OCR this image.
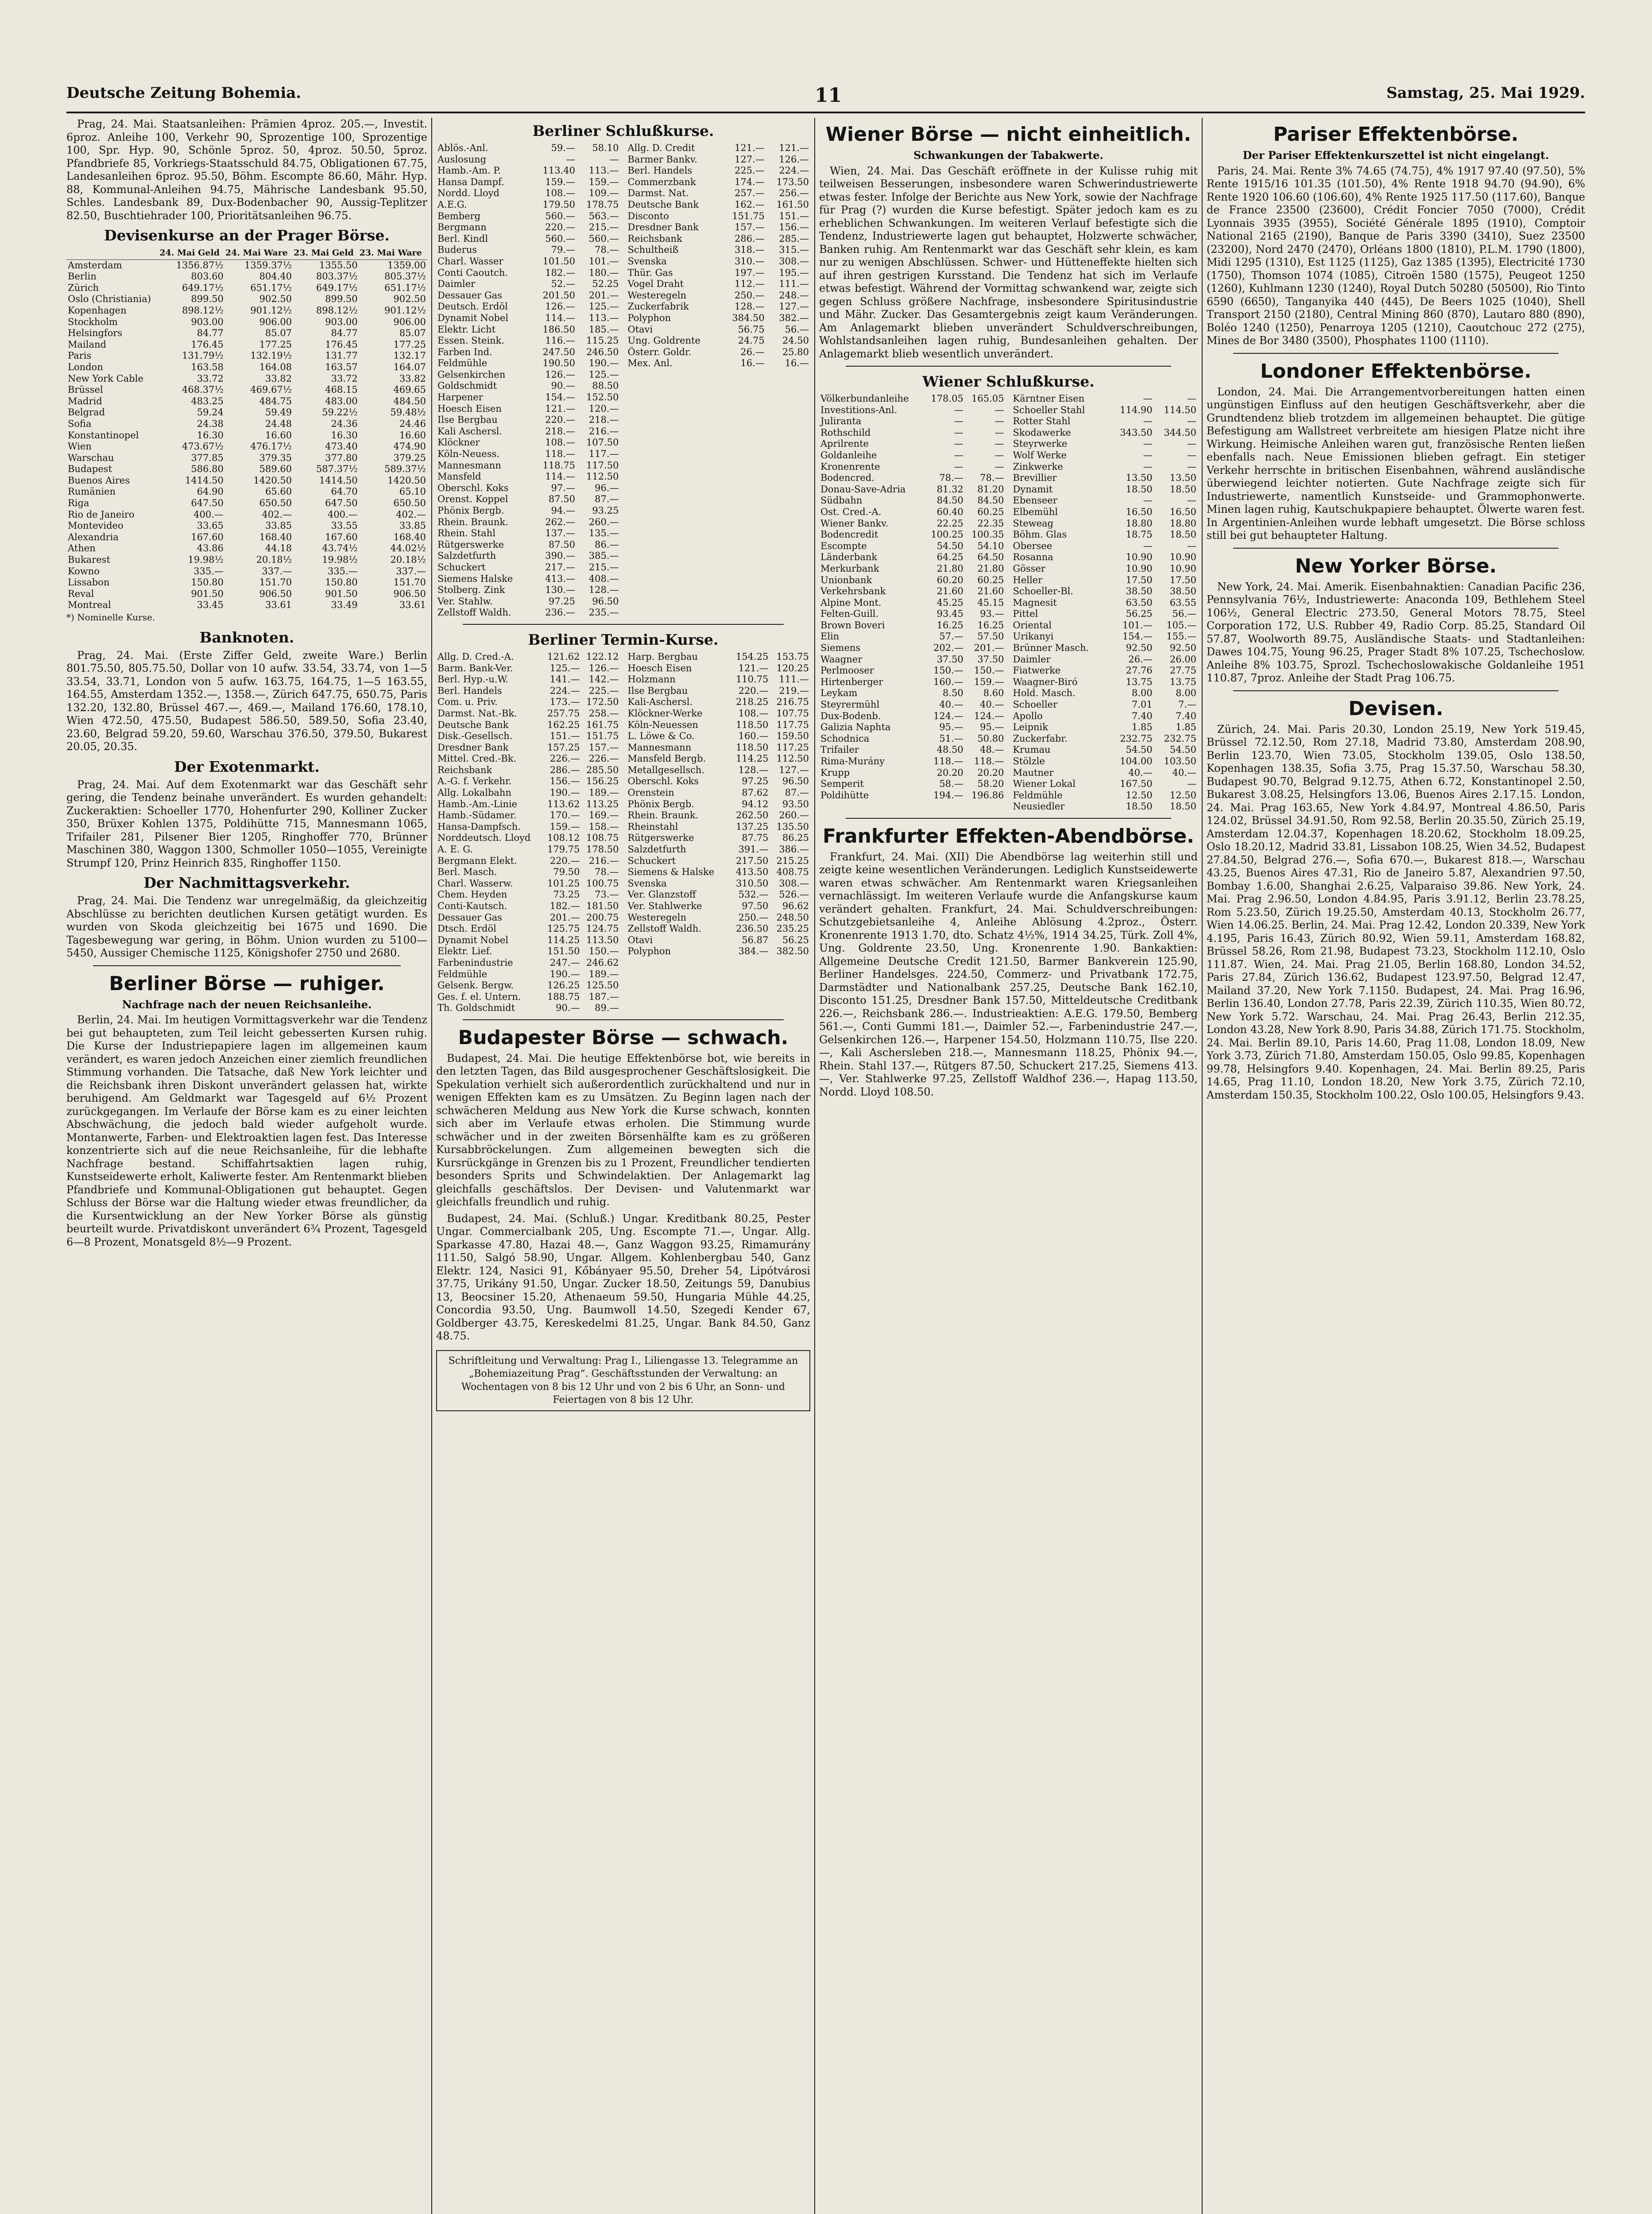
Deutsche Zeitung Bohemia.	11	Samstag, 25. Mai 1929.

Prag, 24. Mai. Staatsanleihen: Prämien 4proz. 205.—, Investit. 6proz. Anleihe 100, Verkehr 90, Sprozentige 100, Sprozentige 100, Spr. Hyp. 90, Schönle 5proz. 50, 4proz. 50.50, 5proz. Pfandbriefe 85, Vorkriegs-Staatsschuld 84.75, Obligationen 67.75, Landesanleihen 6proz. 95.50, Böhm. Escompte 86.60, Mähr. Hyp. 88, Kommunal-Anleihen 94.75, Mährische Landesbank 95.50, Schles. Landesbank 89, Dux-Bodenbacher 90, Aussig-Teplitzer 82.50, Buschtiehrader 100, Prioritätsanleihen 96.75.

Devisenkurse an der Prager Börse.
	24. Mai Geld	24. Mai Ware	23. Mai Geld	23. Mai Ware
Amsterdam	1356.87½	1359.37½	1355.50	1359.00
Berlin	803.60	804.40	803.37½	805.37½
Zürich	649.17½	651.17½	649.17½	651.17½
Oslo (Christiania)	899.50	902.50	899.50	902.50
Kopenhagen	898.12½	901.12½	898.12½	901.12½
Stockholm	903.00	906.00	903.00	906.00
Helsingfors	84.77	85.07	84.77	85.07
Mailand	176.45	177.25	176.45	177.25
Paris	131.79½	132.19½	131.77	132.17
London	163.58	164.08	163.57	164.07
New York Cable	33.72	33.82	33.72	33.82
Brüssel	468.37½	469.67½	468.15	469.65
Madrid	483.25	484.75	483.00	484.50
Belgrad	59.24	59.49	59.22½	59.48½
Sofia	24.38	24.48	24.36	24.46
Konstantinopel	16.30	16.60	16.30	16.60
Wien	473.67½	476.17½	473.40	474.90
Warschau	377.85	379.35	377.80	379.25
Budapest	586.80	589.60	587.37½	589.37½
Buenos Aires	1414.50	1420.50	1414.50	1420.50
Rumänien	64.90	65.60	64.70	65.10
Riga	647.50	650.50	647.50	650.50
Rio de Janeiro	400.—	402.—	400.—	402.—
Montevideo	33.65	33.85	33.55	33.85
Alexandria	167.60	168.40	167.60	168.40
Athen	43.86	44.18	43.74½	44.02½
Bukarest	19.98½	20.18½	19.98½	20.18½
Kowno	335.—	337.—	335.—	337.—
Lissabon	150.80	151.70	150.80	151.70
Reval	901.50	906.50	901.50	906.50
Montreal	33.45	33.61	33.49	33.61
*) Nominelle Kurse.
Banknoten.

Prag, 24. Mai. (Erste Ziffer Geld, zweite Ware.) Berlin 801.75.50, 805.75.50, Dollar von 10 aufw. 33.54, 33.74, von 1—5 33.54, 33.71, London von 5 aufw. 163.75, 164.75, 1—5 163.55, 164.55, Amsterdam 1352.—, 1358.—, Zürich 647.75, 650.75, Paris 132.20, 132.80, Brüssel 467.—, 469.—, Mailand 176.60, 178.10, Wien 472.50, 475.50, Budapest 586.50, 589.50, Sofia 23.40, 23.60, Belgrad 59.20, 59.60, Warschau 376.50, 379.50, Bukarest 20.05, 20.35.

Der Exotenmarkt.

Prag, 24. Mai. Auf dem Exotenmarkt war das Geschäft sehr gering, die Tendenz beinahe unverändert. Es wurden gehandelt: Zuckeraktien: Schoeller 1770, Hohenfurter 290, Kolliner Zucker 350, Brüxer Kohlen 1375, Poldihütte 715, Mannesmann 1065, Trifailer 281, Pilsener Bier 1205, Ringhoffer 770, Brünner Maschinen 380, Waggon 1300, Schmoller 1050—1055, Vereinigte Strumpf 120, Prinz Heinrich 835, Ringhoffer 1150.

Der Nachmittagsverkehr.

Prag, 24. Mai. Die Tendenz war unregelmäßig, da gleichzeitig Abschlüsse zu berichten deutlichen Kursen getätigt wurden. Es wurden von Skoda gleichzeitig bei 1675 und 1690. Die Tagesbewegung war gering, in Böhm. Union wurden zu 5100—5450, Aussiger Chemische 1125, Königshofer 2750 und 2680.

Berliner Börse — ruhiger.
Nachfrage nach der neuen Reichsanleihe.

Berlin, 24. Mai. Im heutigen Vormittagsverkehr war die Tendenz bei gut behaupteten, zum Teil leicht gebesserten Kursen ruhig. Die Kurse der Industriepapiere lagen im allgemeinen kaum verändert, es waren jedoch Anzeichen einer ziemlich freundlichen Stimmung vorhanden. Die Tatsache, daß New York leichter und die Reichsbank ihren Diskont unverändert gelassen hat, wirkte beruhigend. Am Geldmarkt war Tagesgeld auf 6½ Prozent zurückgegangen. Im Verlaufe der Börse kam es zu einer leichten Abschwächung, die jedoch bald wieder aufgeholt wurde. Montanwerte, Farben- und Elektroaktien lagen fest. Das Interesse konzentrierte sich auf die neue Reichsanleihe, für die lebhafte Nachfrage bestand. Schiffahrtsaktien lagen ruhig, Kunstseidewerte erholt, Kaliwerte fester. Am Rentenmarkt blieben Pfandbriefe und Kommunal-Obligationen gut behauptet. Gegen Schluss der Börse war die Haltung wieder etwas freundlicher, da die Kursentwicklung an der New Yorker Börse als günstig beurteilt wurde. Privatdiskont unverändert 6¾ Prozent, Tagesgeld 6—8 Prozent, Monatsgeld 8½—9 Prozent.

Berliner Schlußkurse.
Ablös.-Anl.	59.—	58.10
Auslosung	—	—
Hamb.-Am. P.	113.40	113.—
Hansa Dampf.	159.—	159.—
Nordd. Lloyd	108.—	109.—
A.E.G.	179.50	178.75
Bemberg	560.—	563.—
Bergmann	220.—	215.—
Berl. Kindl	560.—	560.—
Buderus	79.—	78.—
Charl. Wasser	101.50	101.—
Conti Caoutch.	182.—	180.—
Daimler	52.—	52.25
Dessauer Gas	201.50	201.—
Deutsch. Erdöl	126.—	125.—
Dynamit Nobel	114.—	113.—
Elektr. Licht	186.50	185.—
Essen. Steink.	116.—	115.25
Farben Ind.	247.50	246.50
Feldmühle	190.50	190.—
Gelsenkirchen	126.—	125.—
Goldschmidt	90.—	88.50
Harpener	154.—	152.50
Hoesch Eisen	121.—	120.—
Ilse Bergbau	220.—	218.—
Kali Aschersl.	218.—	216.—
Klöckner	108.—	107.50
Köln-Neuess.	118.—	117.—
Mannesmann	118.75	117.50
Mansfeld	114.—	112.50
Oberschl. Koks	97.—	96.—
Orenst. Koppel	87.50	87.—
Phönix Bergb.	94.—	93.25
Rhein. Braunk.	262.—	260.—
Rhein. Stahl	137.—	135.—
Rütgerswerke	87.50	86.—
Salzdetfurth	390.—	385.—
Schuckert	217.—	215.—
Siemens Halske	413.—	408.—
Stolberg. Zink	130.—	128.—
Ver. Stahlw.	97.25	96.50
Zellstoff Waldh.	236.—	235.—
Allg. D. Credit	121.—	121.—
Barmer Bankv.	127.—	126.—
Berl. Handels	225.—	224.—
Commerzbank	174.—	173.50
Darmst. Nat.	257.—	256.—
Deutsche Bank	162.—	161.50
Disconto	151.75	151.—
Dresdner Bank	157.—	156.—
Reichsbank	286.—	285.—
Schultheiß	318.—	315.—
Svenska	310.—	308.—
Thür. Gas	197.—	195.—
Vogel Draht	112.—	111.—
Westeregeln	250.—	248.—
Zuckerfabrik	128.—	127.—
Polyphon	384.50	382.—
Otavi	56.75	56.—
Ung. Goldrente	24.75	24.50
Österr. Goldr.	26.—	25.80
Mex. Anl.	16.—	16.—
Berliner Termin-Kurse.
Allg. D. Cred.-A.	121.62	122.12
Barm. Bank-Ver.	125.—	126.—
Berl. Hyp.-u.W.	141.—	142.—
Berl. Handels	224.—	225.—
Com. u. Priv.	173.—	172.50
Darmst. Nat.-Bk.	257.75	258.—
Deutsche Bank	162.25	161.75
Disk.-Gesellsch.	151.—	151.75
Dresdner Bank	157.25	157.—
Mittel. Cred.-Bk.	226.—	226.—
Reichsbank	286.—	285.50
A.-G. f. Verkehr.	156.—	156.25
Allg. Lokalbahn	190.—	189.—
Hamb.-Am.-Linie	113.62	113.25
Hamb.-Südamer.	170.—	169.—
Hansa-Dampfsch.	159.—	158.—
Norddeutsch. Lloyd	108.12	108.75
A. E. G.	179.75	178.50
Bergmann Elekt.	220.—	216.—
Berl. Masch.	79.50	78.—
Charl. Wasserw.	101.25	100.75
Chem. Heyden	73.25	73.—
Conti-Kautsch.	182.—	181.50
Dessauer Gas	201.—	200.75
Dtsch. Erdöl	125.75	124.75
Dynamit Nobel	114.25	113.50
Elektr. Lief.	151.50	150.—
Farbenindustrie	247.—	246.62
Feldmühle	190.—	189.—
Gelsenk. Bergw.	126.25	125.50
Ges. f. el. Untern.	188.75	187.—
Th. Goldschmidt	90.—	89.—
Harp. Bergbau	154.25	153.75
Hoesch Eisen	121.—	120.25
Holzmann	110.75	111.—
Ilse Bergbau	220.—	219.—
Kali-Aschersl.	218.25	216.75
Klöckner-Werke	108.—	107.75
Köln-Neuessen	118.50	117.75
L. Löwe & Co.	160.—	159.50
Mannesmann	118.50	117.25
Mansfeld Bergb.	114.25	112.50
Metallgesellsch.	128.—	127.—
Oberschl. Koks	97.25	96.50
Orenstein	87.62	87.—
Phönix Bergb.	94.12	93.50
Rhein. Braunk.	262.50	260.—
Rheinstahl	137.25	135.50
Rütgerswerke	87.75	86.25
Salzdetfurth	391.—	386.—
Schuckert	217.50	215.25
Siemens & Halske	413.50	408.75
Svenska	310.50	308.—
Ver. Glanzstoff	532.—	526.—
Ver. Stahlwerke	97.50	96.62
Westeregeln	250.—	248.50
Zellstoff Waldh.	236.50	235.25
Otavi	56.87	56.25
Polyphon	384.—	382.50
Budapester Börse — schwach.

Budapest, 24. Mai. Die heutige Effektenbörse bot, wie bereits in den letzten Tagen, das Bild ausgesprochener Geschäftslosigkeit. Die Spekulation verhielt sich außerordentlich zurückhaltend und nur in wenigen Effekten kam es zu Umsätzen. Zu Beginn lagen nach der schwächeren Meldung aus New York die Kurse schwach, konnten sich aber im Verlaufe etwas erholen. Die Stimmung wurde schwächer und in der zweiten Börsenhälfte kam es zu größeren Kursabbröckelungen. Zum allgemeinen bewegten sich die Kursrückgänge in Grenzen bis zu 1 Prozent, Freundlicher tendierten besonders Sprits und Schwindelaktien. Der Anlagemarkt lag gleichfalls geschäftslos. Der Devisen- und Valutenmarkt war gleichfalls freundlich und ruhig.

Budapest, 24. Mai. (Schluß.) Ungar. Kreditbank 80.25, Pester Ungar. Commercialbank 205, Ung. Escompte 71.—, Ungar. Allg. Sparkasse 47.80, Hazai 48.—, Ganz Waggon 93.25, Rimamurány 111.50, Salgó 58.90, Ungar. Allgem. Kohlenbergbau 540, Ganz Elektr. 124, Nasici 91, Kőbányaer 95.50, Dreher 54, Lipótvárosi 37.75, Urikány 91.50, Ungar. Zucker 18.50, Zeitungs 59, Danubius 13, Beocsiner 15.20, Athenaeum 59.50, Hungaria Mühle 44.25, Concordia 93.50, Ung. Baumwoll 14.50, Szegedi Kender 67, Goldberger 43.75, Kereskedelmi 81.25, Ungar. Bank 84.50, Ganz 48.75.

Schriftleitung und Verwaltung: Prag I., Liliengasse 13. Telegramme an „Bohemiazeitung Prag“. Geschäftsstunden der Verwaltung: an Wochentagen von 8 bis 12 Uhr und von 2 bis 6 Uhr, an Sonn- und Feiertagen von 8 bis 12 Uhr.
Wiener Börse — nicht einheitlich.
Schwankungen der Tabakwerte.

Wien, 24. Mai. Das Geschäft eröffnete in der Kulisse ruhig mit teilweisen Besserungen, insbesondere waren Schwerindustriewerte etwas fester. Infolge der Berichte aus New York, sowie der Nachfrage für Prag (?) wurden die Kurse befestigt. Später jedoch kam es zu erheblichen Schwankungen. Im weiteren Verlauf befestigte sich die Tendenz, Industriewerte lagen gut behauptet, Holzwerte schwächer, Banken ruhig. Am Rentenmarkt war das Geschäft sehr klein, es kam nur zu wenigen Abschlüssen. Schwer- und Hütteneffekte hielten sich auf ihren gestrigen Kursstand. Die Tendenz hat sich im Verlaufe etwas befestigt. Während der Vormittag schwankend war, zeigte sich gegen Schluss größere Nachfrage, insbesondere Spiritusindustrie und Mähr. Zucker. Das Gesamtergebnis zeigt kaum Veränderungen. Am Anlagemarkt blieben unverändert Schuldverschreibungen, Wohlstandsanleihen lagen ruhig, Bundesanleihen gehalten. Der Anlagemarkt blieb wesentlich unverändert.

Wiener Schlußkurse.
Völkerbundanleihe	178.05	165.05
Investitions-Anl.	—	—
Juliranta	—	—
Rothschild	—	—
Aprilrente	—	—
Goldanleihe	—	—
Kronenrente	—	—
Bodencred.	78.—	78.—
Donau-Save-Adria	81.32	81.20
Südbahn	84.50	84.50
Ost. Cred.-A.	60.40	60.25
Wiener Bankv.	22.25	22.35
Bodencredit	100.25	100.35
Escompte	54.50	54.10
Länderbank	64.25	64.50
Merkurbank	21.80	21.80
Unionbank	60.20	60.25
Verkehrsbank	21.60	21.60
Alpine Mont.	45.25	45.15
Felten-Guill.	93.45	93.—
Brown Boveri	16.25	16.25
Elin	57.—	57.50
Siemens	202.—	201.—
Waagner	37.50	37.50
Perlmooser	150.—	150.—
Hirtenberger	160.—	159.—
Leykam	8.50	8.60
Steyrermühl	40.—	40.—
Dux-Bodenb.	124.—	124.—
Galizia Naphta	95.—	95.—
Schodnica	51.—	50.80
Trifailer	48.50	48.—
Rima-Murány	118.—	118.—
Krupp	20.20	20.20
Semperit	58.—	58.20
Poldihütte	194.—	196.86
Kärntner Eisen	—	—
Schoeller Stahl	114.90	114.50
Rotter Stahl	—	—
Skodawerke	343.50	344.50
Steyrwerke	—	—
Wolf Werke	—	—
Zinkwerke	—	—
Brevillier	13.50	13.50
Dynamit	18.50	18.50
Ebenseer	—	—
Elbemühl	16.50	16.50
Steweag	18.80	18.80
Böhm. Glas	18.75	18.50
Obersee	—	—
Rosanna	10.90	10.90
Gösser	10.90	10.90
Heller	17.50	17.50
Schoeller-Bl.	38.50	38.50
Magnesit	63.50	63.55
Pittel	56.25	56.—
Oriental	101.—	105.—
Urikanyi	154.—	155.—
Brünner Masch.	92.50	92.50
Daimler	26.—	26.00
Fiatwerke	27.76	27.75
Waagner-Biró	13.75	13.75
Hold. Masch.	8.00	8.00
Schoeller	7.01	7.—
Apollo	7.40	7.40
Leipnik	1.85	1.85
Zuckerfabr.	232.75	232.75
Krumau	54.50	54.50
Stölzle	104.00	103.50
Mautner	40.—	40.—
Wiener Lokal	167.50	—
Feldmühle	12.50	12.50
Neusiedler	18.50	18.50
Frankfurter Effekten-Abendbörse.

Frankfurt, 24. Mai. (XII) Die Abendbörse lag weiterhin still und zeigte keine wesentlichen Veränderungen. Lediglich Kunstseidewerte waren etwas schwächer. Am Rentenmarkt waren Kriegsanleihen vernachlässigt. Im weiteren Verlaufe wurde die Anfangskurse kaum verändert gehalten. Frankfurt, 24. Mai. Schuldverschreibungen: Schutzgebietsanleihe 4, Anleihe Ablösung 4.2proz., Österr. Kronenrente 1913 1.70, dto. Schatz 4½%, 1914 34.25, Türk. Zoll 4%, Ung. Goldrente 23.50, Ung. Kronenrente 1.90. Bankaktien: Allgemeine Deutsche Credit 121.50, Barmer Bankverein 125.90, Berliner Handelsges. 224.50, Commerz- und Privatbank 172.75, Darmstädter und Nationalbank 257.25, Deutsche Bank 162.10, Disconto 151.25, Dresdner Bank 157.50, Mitteldeutsche Creditbank 226.—, Reichsbank 286.—. Industrieaktien: A.E.G. 179.50, Bemberg 561.—, Conti Gummi 181.—, Daimler 52.—, Farbenindustrie 247.—, Gelsenkirchen 126.—, Harpener 154.50, Holzmann 110.75, Ilse 220.—, Kali Aschersleben 218.—, Mannesmann 118.25, Phönix 94.—, Rhein. Stahl 137.—, Rütgers 87.50, Schuckert 217.25, Siemens 413.—, Ver. Stahlwerke 97.25, Zellstoff Waldhof 236.—, Hapag 113.50, Nordd. Lloyd 108.50.

Pariser Effektenbörse.
Der Pariser Effektenkurszettel ist nicht eingelangt.

Paris, 24. Mai. Rente 3% 74.65 (74.75), 4% 1917 97.40 (97.50), 5% Rente 1915/16 101.35 (101.50), 4% Rente 1918 94.70 (94.90), 6% Rente 1920 106.60 (106.60), 4% Rente 1925 117.50 (117.60), Banque de France 23500 (23600), Crédit Foncier 7050 (7000), Crédit Lyonnais 3935 (3955), Société Générale 1895 (1910), Comptoir National 2165 (2190), Banque de Paris 3390 (3410), Suez 23500 (23200), Nord 2470 (2470), Orléans 1800 (1810), P.L.M. 1790 (1800), Midi 1295 (1310), Est 1125 (1125), Gaz 1385 (1395), Electricité 1730 (1750), Thomson 1074 (1085), Citroën 1580 (1575), Peugeot 1250 (1260), Kuhlmann 1230 (1240), Royal Dutch 50280 (50500), Rio Tinto 6590 (6650), Tanganyika 440 (445), De Beers 1025 (1040), Shell Transport 2150 (2180), Central Mining 860 (870), Lautaro 880 (890), Boléo 1240 (1250), Penarroya 1205 (1210), Caoutchouc 272 (275), Mines de Bor 3480 (3500), Phosphates 1100 (1110).

Londoner Effektenbörse.

London, 24. Mai. Die Arrangementvorbereitungen hatten einen ungünstigen Einfluss auf den heutigen Geschäftsverkehr, aber die Grundtendenz blieb trotzdem im allgemeinen behauptet. Die gütige Befestigung am Wallstreet verbreitete am hiesigen Platze nicht ihre Wirkung. Heimische Anleihen waren gut, französische Renten ließen ebenfalls nach. Neue Emissionen blieben gefragt. Ein stetiger Verkehr herrschte in britischen Eisenbahnen, während ausländische überwiegend leichter notierten. Gute Nachfrage zeigte sich für Industriewerte, namentlich Kunstseide- und Grammophonwerte. Minen lagen ruhig, Kautschukpapiere behauptet. Ölwerte waren fest. In Argentinien-Anleihen wurde lebhaft umgesetzt. Die Börse schloss still bei gut behaupteter Haltung.

New Yorker Börse.

New York, 24. Mai. Amerik. Eisenbahnaktien: Canadian Pacific 236, Pennsylvania 76½, Industriewerte: Anaconda 109, Bethlehem Steel 106½, General Electric 273.50, General Motors 78.75, Steel Corporation 172, U.S. Rubber 49, Radio Corp. 85.25, Standard Oil 57.87, Woolworth 89.75, Ausländische Staats- und Stadtanleihen: Dawes 104.75, Young 96.25, Prager Stadt 8% 107.25, Tschechoslow. Anleihe 8% 103.75, Sprozl. Tschechoslowakische Goldanleihe 1951 110.87, 7proz. Anleihe der Stadt Prag 106.75.

Devisen.

Zürich, 24. Mai. Paris 20.30, London 25.19, New York 519.45, Brüssel 72.12.50, Rom 27.18, Madrid 73.80, Amsterdam 208.90, Berlin 123.70, Wien 73.05, Stockholm 139.05, Oslo 138.50, Kopenhagen 138.35, Sofia 3.75, Prag 15.37.50, Warschau 58.30, Budapest 90.70, Belgrad 9.12.75, Athen 6.72, Konstantinopel 2.50, Bukarest 3.08.25, Helsingfors 13.06, Buenos Aires 2.17.15. London, 24. Mai. Prag 163.65, New York 4.84.97, Montreal 4.86.50, Paris 124.02, Brüssel 34.91.50, Rom 92.58, Berlin 20.35.50, Zürich 25.19, Amsterdam 12.04.37, Kopenhagen 18.20.62, Stockholm 18.09.25, Oslo 18.20.12, Madrid 33.81, Lissabon 108.25, Wien 34.52, Budapest 27.84.50, Belgrad 276.—, Sofia 670.—, Bukarest 818.—, Warschau 43.25, Buenos Aires 47.31, Rio de Janeiro 5.87, Alexandrien 97.50, Bombay 1.6.00, Shanghai 2.6.25, Valparaiso 39.86. New York, 24. Mai. Prag 2.96.50, London 4.84.95, Paris 3.91.12, Berlin 23.78.25, Rom 5.23.50, Zürich 19.25.50, Amsterdam 40.13, Stockholm 26.77, Wien 14.06.25. Berlin, 24. Mai. Prag 12.42, London 20.339, New York 4.195, Paris 16.43, Zürich 80.92, Wien 59.11, Amsterdam 168.82, Brüssel 58.26, Rom 21.98, Budapest 73.23, Stockholm 112.10, Oslo 111.87. Wien, 24. Mai. Prag 21.05, Berlin 168.80, London 34.52, Paris 27.84, Zürich 136.62, Budapest 123.97.50, Belgrad 12.47, Mailand 37.20, New York 7.1150. Budapest, 24. Mai. Prag 16.96, Berlin 136.40, London 27.78, Paris 22.39, Zürich 110.35, Wien 80.72, New York 5.72. Warschau, 24. Mai. Prag 26.43, Berlin 212.35, London 43.28, New York 8.90, Paris 34.88, Zürich 171.75. Stockholm, 24. Mai. Berlin 89.10, Paris 14.60, Prag 11.08, London 18.09, New York 3.73, Zürich 71.80, Amsterdam 150.05, Oslo 99.85, Kopenhagen 99.78, Helsingfors 9.40. Kopenhagen, 24. Mai. Berlin 89.25, Paris 14.65, Prag 11.10, London 18.20, New York 3.75, Zürich 72.10, Amsterdam 150.35, Stockholm 100.22, Oslo 100.05, Helsingfors 9.43.
